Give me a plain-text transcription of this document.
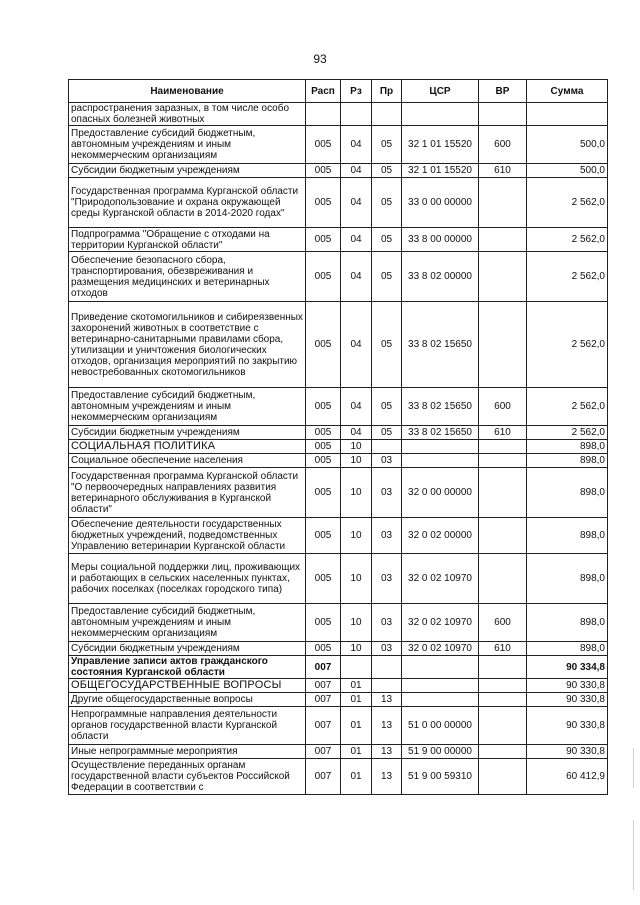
93
Наименование	Расп	Рз	Пр	ЦСР	ВР	Сумма
распространения заразных, в том числе особо опасных болезней животных						
Предоставление субсидий бюджетным, автономным учреждениям и иным некоммерческим организациям	005	04	05	32 1 01 15520	600	500,0
Субсидии бюджетным учреждениям	005	04	05	32 1 01 15520	610	500,0
Государственная программа Курганской области "Природопользование и охрана окружающей среды Курганской области в 2014-2020 годах"	005	04	05	33 0 00 00000		2 562,0
Подпрограмма "Обращение с отходами на территории Курганской области"	005	04	05	33 8 00 00000		2 562,0
Обеспечение безопасного сбора, транспортирования, обезвреживания и размещения медицинских и ветеринарных отходов	005	04	05	33 8 02 00000		2 562,0
Приведение скотомогильников и сибиреязвенных захоронений животных в соответствие с ветеринарно-санитарными правилами сбора, утилизации и уничтожения биологических отходов, организация мероприятий по закрытию невостребованных скотомогильников	005	04	05	33 8 02 15650		2 562,0
Предоставление субсидий бюджетным, автономным учреждениям и иным некоммерческим организациям	005	04	05	33 8 02 15650	600	2 562,0
Субсидии бюджетным учреждениям	005	04	05	33 8 02 15650	610	2 562,0
СОЦИАЛЬНАЯ ПОЛИТИКА	005	10				898,0
Социальное обеспечение населения	005	10	03			898,0
Государственная программа Курганской области "О первоочередных направлениях развития ветеринарного обслуживания в Курганской области"	005	10	03	32 0 00 00000		898,0
Обеспечение деятельности государственных бюджетных учреждений, подведомственных Управлению ветеринарии Курганской области	005	10	03	32 0 02 00000		898,0
Меры социальной поддержки лиц, проживающих и работающих в сельских населенных пунктах, рабочих поселках (поселках городского типа)	005	10	03	32 0 02 10970		898,0
Предоставление субсидий бюджетным, автономным учреждениям и иным некоммерческим организациям	005	10	03	32 0 02 10970	600	898,0
Субсидии бюджетным учреждениям	005	10	03	32 0 02 10970	610	898,0
Управление записи актов гражданского состояния Курганской области	007					90 334,8
ОБЩЕГОСУДАРСТВЕННЫЕ ВОПРОСЫ	007	01				90 330,8
Другие общегосударственные вопросы	007	01	13			90 330,8
Непрограммные направления деятельности органов государственной власти Курганской области	007	01	13	51 0 00 00000		90 330,8
Иные непрограммные мероприятия	007	01	13	51 9 00 00000		90 330,8
Осуществление переданных органам государственной власти субъектов Российской Федерации в соответствии с	007	01	13	51 9 00 59310		60 412,9
